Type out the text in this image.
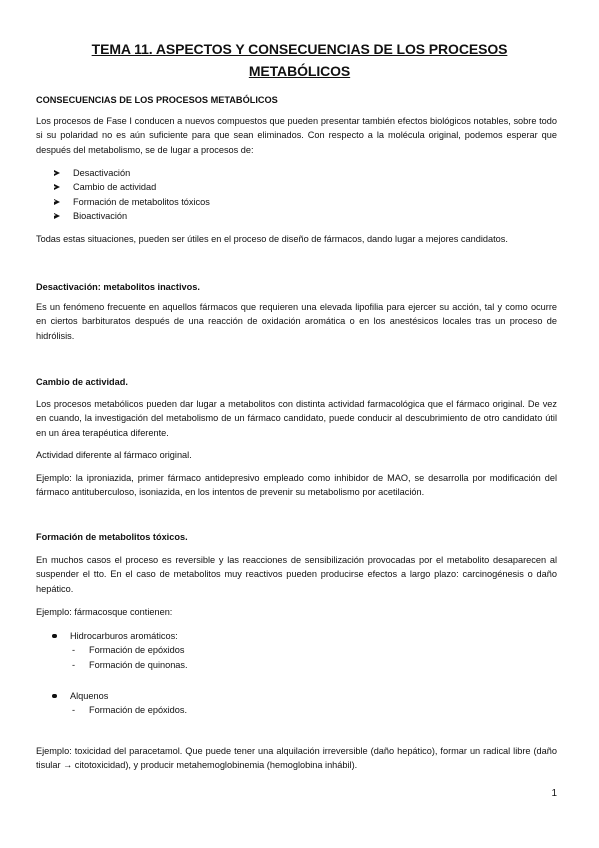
TEMA 11. ASPECTOS Y CONSECUENCIAS DE LOS PROCESOS METABÓLICOS
CONSECUENCIAS DE LOS PROCESOS METABÓLICOS

Los procesos de Fase I conducen a nuevos compuestos que pueden presentar también efectos biológicos notables, sobre todo si su polaridad no es aún suficiente para que sean eliminados. Con respecto a la molécula original, podemos esperar que después del metabolismo, se de lugar a procesos de:

Desactivación
Cambio de actividad
Formación de metabolitos tóxicos
Bioactivación

Todas estas situaciones, pueden ser útiles en el proceso de diseño de fármacos, dando lugar a mejores candidatos.

Desactivación: metabolitos inactivos.

Es un fenómeno frecuente en aquellos fármacos que requieren una elevada lipofilia para ejercer su acción, tal y como ocurre en ciertos barbituratos después de una reacción de oxidación aromática o en los anestésicos locales tras un proceso de hidrólisis.

Cambio de actividad.

Los procesos metabólicos pueden dar lugar a metabolitos con distinta actividad farmacológica que el fármaco original. De vez en cuando, la investigación del metabolismo de un fármaco candidato, puede conducir al descubrimiento de otro candidato útil en un área terapéutica diferente.

Actividad diferente al fármaco original.

Ejemplo: la iproniazida, primer fármaco antidepresivo empleado como inhibidor de MAO, se desarrolla por modificación del fármaco antituberculoso, isoniazida, en los intentos de prevenir su metabolismo por acetilación.

Formación de metabolitos tóxicos.

En muchos casos el proceso es reversible y las reacciones de sensibilización provocadas por el metabolito desaparecen al suspender el tto. En el caso de metabolitos muy reactivos pueden producirse efectos a largo plazo: carcinogénesis o daño hepático.

Ejemplo: fármacosque contienen:

Hidrocarburos aromáticos:
- Formación de epóxidos
- Formación de quinonas.
Alquenos
- Formación de epóxidos.

Ejemplo: toxicidad del paracetamol. Que puede tener una alquilación irreversible (daño hepático), formar un radical libre (daño tisular → citotoxicidad), y producir metahemoglobinemia (hemoglobina inhábil).

1
